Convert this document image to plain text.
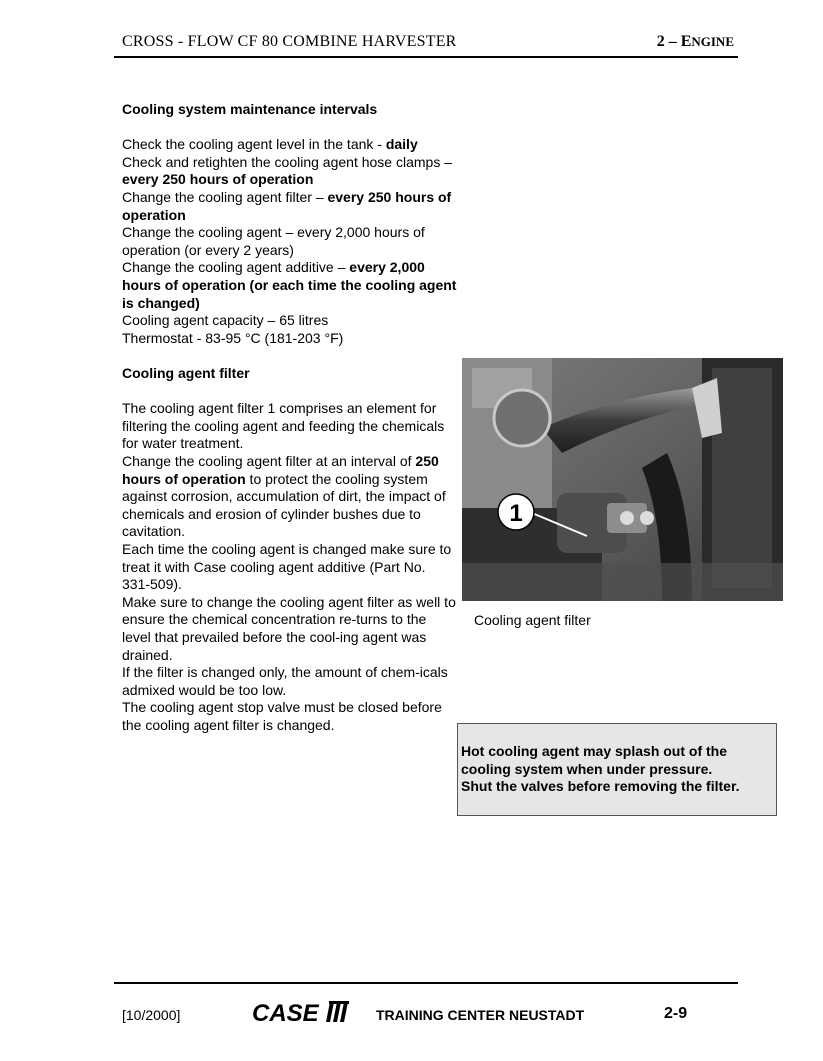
CROSS - FLOW CF 80 COMBINE HARVESTER	2 – ENGINE
Cooling system maintenance intervals
Check the cooling agent level in the tank - daily
Check and retighten the cooling agent hose clamps – every 250 hours of operation
Change the cooling agent filter – every 250 hours of operation
Change the cooling agent – every 2,000 hours of operation (or every 2 years)
Change the cooling agent additive – every 2,000 hours of operation (or each time the cooling agent is changed)
Cooling agent capacity – 65 litres
Thermostat - 83-95 °C (181-203 °F)
Cooling agent filter
The cooling agent filter 1 comprises an element for filtering the cooling agent and feeding the chemicals for water treatment.
Change the cooling agent filter at an interval of 250 hours of operation to protect the cooling system against corrosion, accumulation of dirt, the impact of chemicals and erosion of cylinder bushes due to cavitation.
Each time the cooling agent is changed make sure to treat it with Case cooling agent additive (Part No. 331-509).
Make sure to change the cooling agent filter as well to ensure the chemical concentration re-turns to the level that prevailed before the cool-ing agent was drained.
If the filter is changed only, the amount of chem-icals admixed would be too low.
The cooling agent stop valve must be closed before the cooling agent filter is changed.
1
Cooling agent filter
Hot cooling agent may splash out of the
cooling system when under pressure.
Shut the valves before removing the filter.
[10/2000]	CASE	TRAINING CENTER NEUSTADT	2-9
